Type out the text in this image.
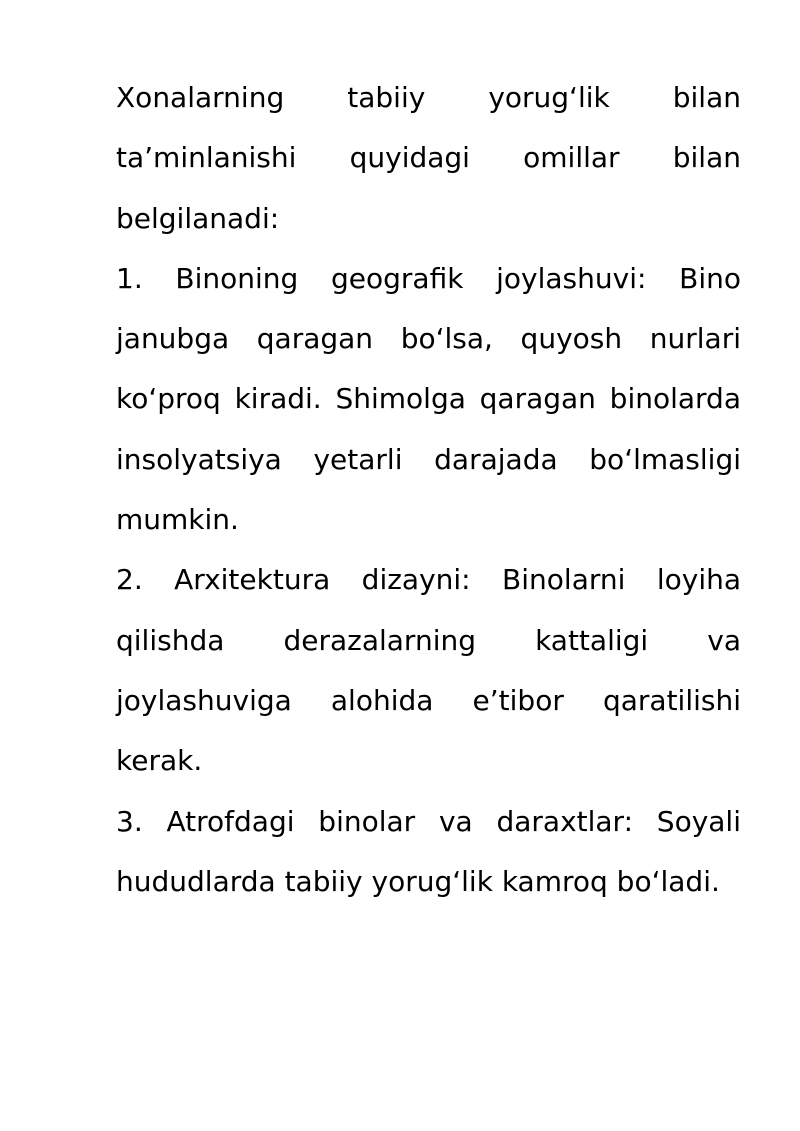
Xonalarning tabiiy yorug‘lik bilan ta’minlanishi quyidagi omillar bilan belgilanadi:

1. Binoning geografik joylashuvi: Bino janubga qaragan bo‘lsa, quyosh nurlari ko‘proq kiradi. Shimolga qaragan binolarda insolyatsiya yetarli darajada bo‘lmasligi mumkin.

2. Arxitektura dizayni: Binolarni loyiha qilishda derazalarning kattaligi va joylashuviga alohida e’tibor qaratilishi kerak.

3. Atrofdagi binolar va daraxtlar: Soyali hududlarda tabiiy yorug‘lik kamroq bo‘ladi.
